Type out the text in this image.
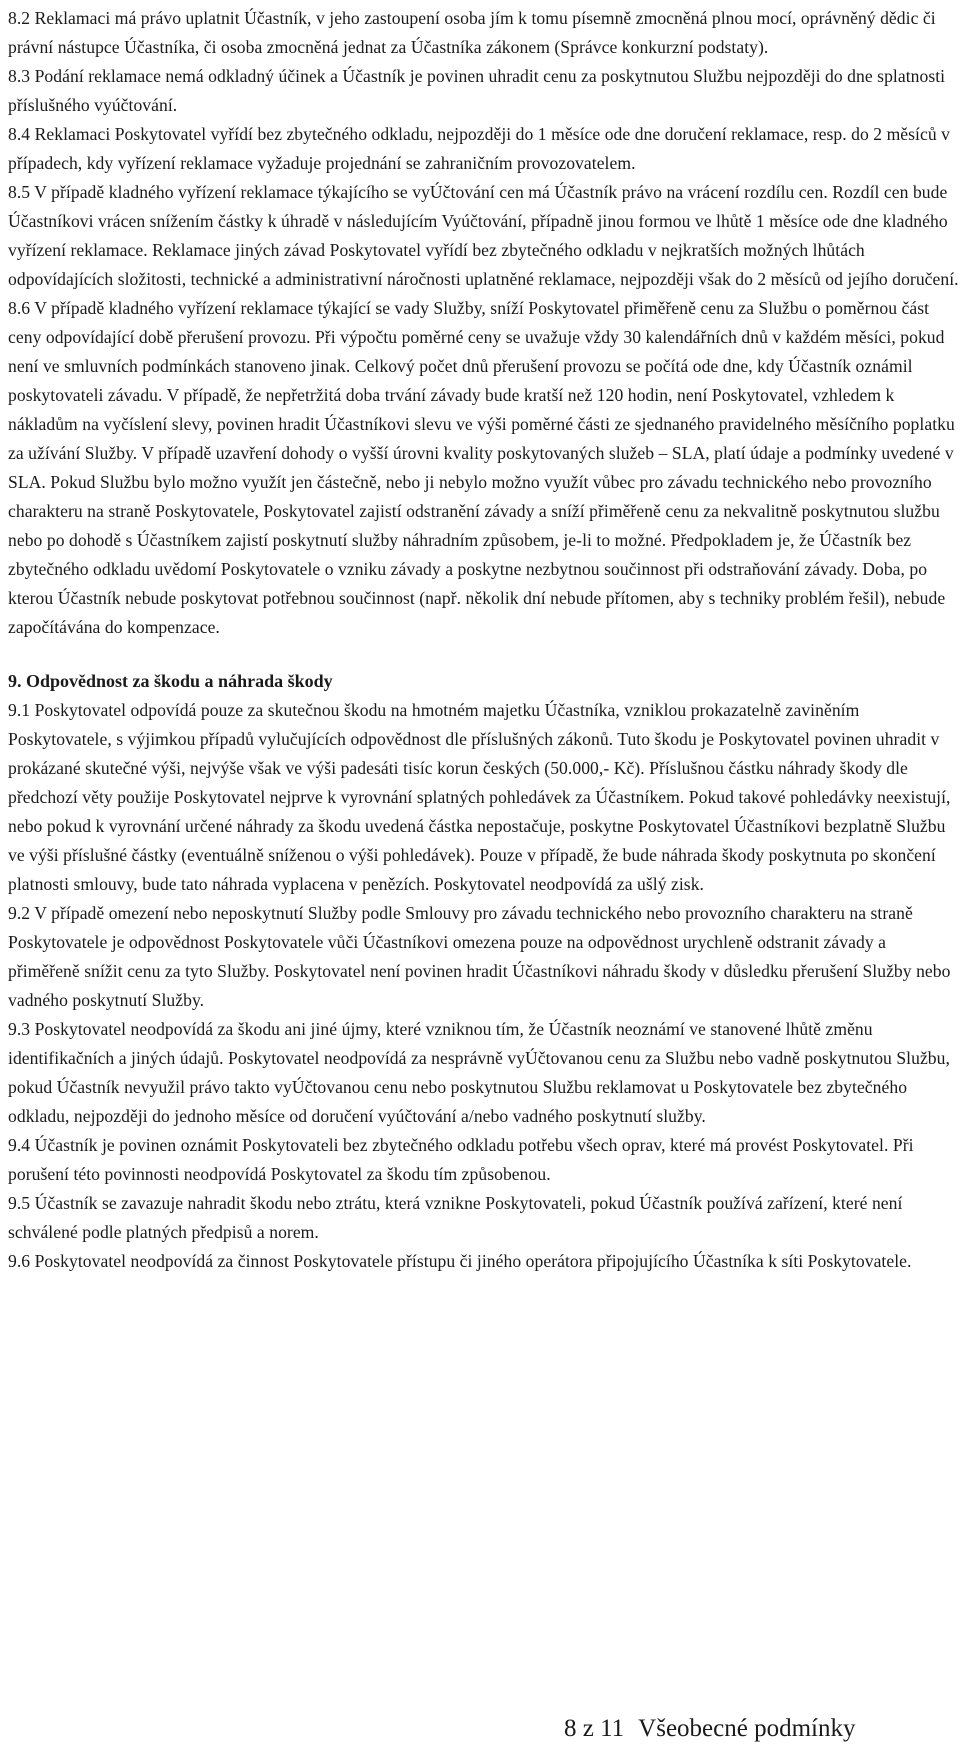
8.2 Reklamaci má právo uplatnit Účastník, v jeho zastoupení osoba jím k tomu písemně zmocněná plnou mocí, oprávněný dědic či právní nástupce Účastníka, či osoba zmocněná jednat za Účastníka zákonem (Správce konkurzní podstaty).

8.3 Podání reklamace nemá odkladný účinek a Účastník je povinen uhradit cenu za poskytnutou Službu nejpozději do dne splatnosti příslušného vyúčtování.

8.4 Reklamaci Poskytovatel vyřídí bez zbytečného odkladu, nejpozději do 1 měsíce ode dne doručení reklamace, resp. do 2 měsíců v případech, kdy vyřízení reklamace vyžaduje projednání se zahraničním provozovatelem.

8.5 V případě kladného vyřízení reklamace týkajícího se vyÚčtování cen má Účastník právo na vrácení rozdílu cen. Rozdíl cen bude Účastníkovi vrácen snížením částky k úhradě v následujícím Vyúčtování, případně jinou formou ve lhůtě 1 měsíce ode dne kladného vyřízení reklamace. Reklamace jiných závad Poskytovatel vyřídí bez zbytečného odkladu v nejkratších možných lhůtách odpovídajících složitosti, technické a administrativní náročnosti uplatněné reklamace, nejpozději však do 2 měsíců od jejího doručení.

8.6 V případě kladného vyřízení reklamace týkající se vady Služby, sníží Poskytovatel přiměřeně cenu za Službu o poměrnou část ceny odpovídající době přerušení provozu. Při výpočtu poměrné ceny se uvažuje vždy 30 kalendářních dnů v každém měsíci, pokud není ve smluvních podmínkách stanoveno jinak. Celkový počet dnů přerušení provozu se počítá ode dne, kdy Účastník oznámil poskytovateli závadu. V případě, že nepřetržitá doba trvání závady bude kratší než 120 hodin, není Poskytovatel, vzhledem k nákladům na vyčíslení slevy, povinen hradit Účastníkovi slevu ve výši poměrné části ze sjednaného pravidelného měsíčního poplatku za užívání Služby. V případě uzavření dohody o vyšší úrovni kvality poskytovaných služeb – SLA, platí údaje a podmínky uvedené v SLA. Pokud Službu bylo možno využít jen částečně, nebo ji nebylo možno využít vůbec pro závadu technického nebo provozního charakteru na straně Poskytovatele, Poskytovatel zajistí odstranění závady a sníží přiměřeně cenu za nekvalitně poskytnutou službu nebo po dohodě s Účastníkem zajistí poskytnutí služby náhradním způsobem, je-li to možné. Předpokladem je, že Účastník bez zbytečného odkladu uvědomí Poskytovatele o vzniku závady a poskytne nezbytnou součinnost při odstraňování závady. Doba, po kterou Účastník nebude poskytovat potřebnou součinnost (např. několik dní nebude přítomen, aby s techniky problém řešil), nebude započítávána do kompenzace.

9. Odpovědnost za škodu a náhrada škody

9.1 Poskytovatel odpovídá pouze za skutečnou škodu na hmotném majetku Účastníka, vzniklou prokazatelně zaviněním Poskytovatele, s výjimkou případů vylučujících odpovědnost dle příslušných zákonů. Tuto škodu je Poskytovatel povinen uhradit v prokázané skutečné výši, nejvýše však ve výši padesáti tisíc korun českých (50.000,- Kč). Příslušnou částku náhrady škody dle předchozí věty použije Poskytovatel nejprve k vyrovnání splatných pohledávek za Účastníkem. Pokud takové pohledávky neexistují, nebo pokud k vyrovnání určené náhrady za škodu uvedená částka nepostačuje, poskytne Poskytovatel Účastníkovi bezplatně Službu ve výši příslušné částky (eventuálně sníženou o výši pohledávek). Pouze v případě, že bude náhrada škody poskytnuta po skončení platnosti smlouvy, bude tato náhrada vyplacena v penězích. Poskytovatel neodpovídá za ušlý zisk.

9.2 V případě omezení nebo neposkytnutí Služby podle Smlouvy pro závadu technického nebo provozního charakteru na straně Poskytovatele je odpovědnost Poskytovatele vůči Účastníkovi omezena pouze na odpovědnost urychleně odstranit závady a přiměřeně snížit cenu za tyto Služby. Poskytovatel není povinen hradit Účastníkovi náhradu škody v důsledku přerušení Služby nebo vadného poskytnutí Služby.

9.3 Poskytovatel neodpovídá za škodu ani jiné újmy, které vzniknou tím, že Účastník neoznámí ve stanovené lhůtě změnu identifikačních a jiných údajů. Poskytovatel neodpovídá za nesprávně vyÚčtovanou cenu za Službu nebo vadně poskytnutou Službu, pokud Účastník nevyužil právo takto vyÚčtovanou cenu nebo poskytnutou Službu reklamovat u Poskytovatele bez zbytečného odkladu, nejpozději do jednoho měsíce od doručení vyúčtování a/nebo vadného poskytnutí služby.

9.4 Účastník je povinen oznámit Poskytovateli bez zbytečného odkladu potřebu všech oprav, které má provést Poskytovatel. Při porušení této povinnosti neodpovídá Poskytovatel za škodu tím způsobenou.

9.5 Účastník se zavazuje nahradit škodu nebo ztrátu, která vznikne Poskytovateli, pokud Účastník používá zařízení, které není schválené podle platných předpisů a norem.

9.6 Poskytovatel neodpovídá za činnost Poskytovatele přístupu či jiného operátora připojujícího Účastníka k síti Poskytovatele.

8 z 11 Všeobecné podmínky
